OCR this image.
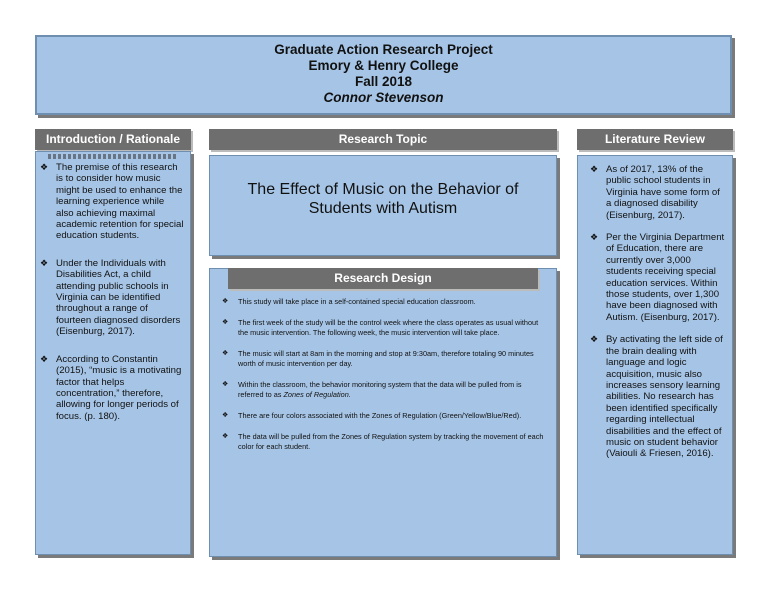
Graduate Action Research Project
Emory & Henry College
Fall 2018
Connor Stevenson
Introduction / Rationale
❖ The premise of this research is to consider how music might be used to enhance the learning experience while also achieving maximal academic retention for special education students.
❖ Under the Individuals with Disabilities Act, a child attending public schools in Virginia can be identified throughout a range of fourteen diagnosed disorders (Eisenburg, 2017).
❖ According to Constantin (2015), “music is a motivating factor that helps concentration,” therefore, allowing for longer periods of focus. (p. 180).
Research Topic
The Effect of Music on the Behavior of Students with Autism
❖ This study will take place in a self-contained special education classroom.
❖ The first week of the study will be the control week where the class operates as usual without the music intervention. The following week, the music intervention will take place.
❖ The music will start at 8am in the morning and stop at 9:30am, therefore totaling 90 minutes worth of music intervention per day.
❖ Within the classroom, the behavior monitoring system that the data will be pulled from is referred to as Zones of Regulation.
❖ There are four colors associated with the Zones of Regulation (Green/Yellow/Blue/Red).
❖ The data will be pulled from the Zones of Regulation system by tracking the movement of each color for each student.
Research Design
Literature Review
❖ As of 2017, 13% of the public school students in Virginia have some form of a diagnosed disability (Eisenburg, 2017).
❖ Per the Virginia Department of Education, there are currently over 3,000 students receiving special education services. Within those students, over 1,300 have been diagnosed with Autism. (Eisenburg, 2017).
❖ By activating the left side of the brain dealing with language and logic acquisition, music also increases sensory learning abilities. No research has been identified specifically regarding intellectual disabilities and the effect of music on student behavior (Vaiouli & Friesen, 2016).
